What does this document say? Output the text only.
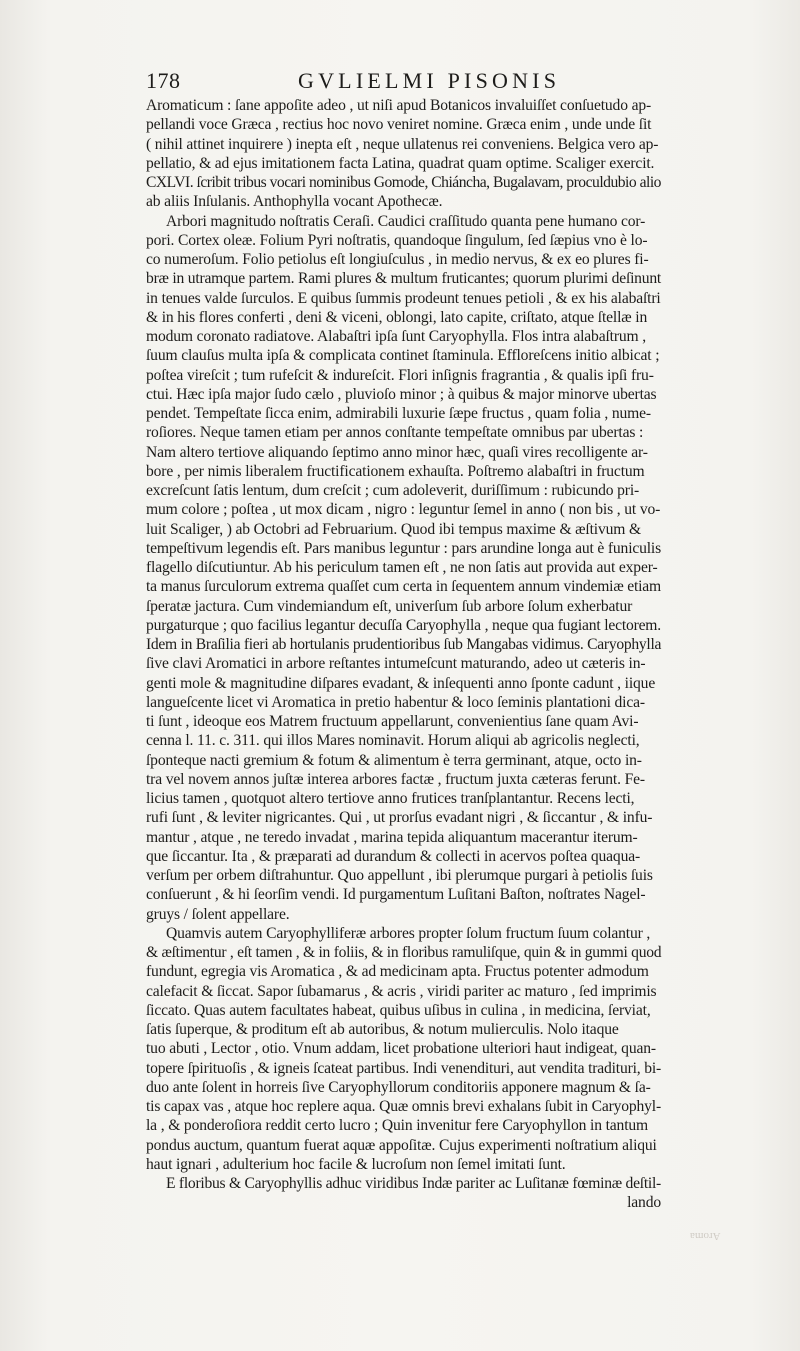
178	GVLIELMI PISONIS
Aromaticum : ſane appoſite adeo , ut niſi apud Botanicos invaluiſſet conſuetudo ap-
pellandi voce Græca , rectius hoc novo veniret nomine. Græca enim , unde unde ſit
( nihil attinet inquirere ) inepta eſt , neque ullatenus rei conveniens. Belgica vero ap-
pellatio, & ad ejus imitationem facta Latina, quadrat quam optime. Scaliger exercit.
CXLVI. ſcribit tribus vocari nominibus Gomode, Chiáncha, Bugalavam, proculdubio alio
ab aliis Inſulanis. Anthophylla vocant Apothecæ.
Arbori magnitudo noſtratis Ceraſi. Caudici craſſitudo quanta pene humano cor-
pori. Cortex oleæ. Folium Pyri noſtratis, quandoque ſingulum, ſed ſæpius vno è lo-
co numeroſum. Folio petiolus eſt longiuſculus , in medio nervus, & ex eo plures fi-
bræ in utramque partem. Rami plures & multum fruticantes; quorum plurimi deſinunt
in tenues valde ſurculos. E quibus ſummis prodeunt tenues petioli , & ex his alabaſtri
& in his flores conferti , deni & viceni, oblongi, lato capite, criſtato, atque ſtellæ in
modum coronato radiatove. Alabaſtri ipſa ſunt Caryophylla. Flos intra alabaſtrum ,
ſuum clauſus multa ipſa & complicata continet ſtaminula. Effloreſcens initio albicat ;
poſtea vireſcit ; tum rufeſcit & indureſcit. Flori inſignis fragrantia , & qualis ipſi fru-
ctui. Hæc ipſa major ſudo cælo , pluvioſo minor ; à quibus & major minorve ubertas
pendet. Tempeſtate ſicca enim, admirabili luxurie ſæpe fructus , quam folia , nume-
roſiores. Neque tamen etiam per annos conſtante tempeſtate omnibus par ubertas :
Nam altero tertiove aliquando ſeptimo anno minor hæc, quaſi vires recolligente ar-
bore , per nimis liberalem fructificationem exhauſta. Poſtremo alabaſtri in fructum
excreſcunt ſatis lentum, dum creſcit ; cum adoleverit, duriſſimum : rubicundo pri-
mum colore ; poſtea , ut mox dicam , nigro : leguntur ſemel in anno ( non bis , ut vo-
luit Scaliger, ) ab Octobri ad Februarium. Quod ibi tempus maxime & æſtivum &
tempeſtivum legendis eſt. Pars manibus leguntur : pars arundine longa aut è funiculis
flagello diſcutiuntur. Ab his periculum tamen eſt , ne non ſatis aut provida aut exper-
ta manus ſurculorum extrema quaſſet cum certa in ſequentem annum vindemiæ etiam
ſperatæ jactura. Cum vindemiandum eſt, univerſum ſub arbore ſolum exherbatur
purgaturque ; quo facilius legantur decuſſa Caryophylla , neque qua fugiant lectorem.
Idem in Braſilia fieri ab hortulanis prudentioribus ſub Mangabas vidimus. Caryophylla
ſive clavi Aromatici in arbore reſtantes intumeſcunt maturando, adeo ut cæteris in-
genti mole & magnitudine diſpares evadant, & inſequenti anno ſponte cadunt , iique
langueſcente licet vi Aromatica in pretio habentur & loco ſeminis plantationi dica-
ti ſunt , ideoque eos Matrem fructuum appellarunt, convenientius ſane quam Avi-
cenna l. 11. c. 311. qui illos Mares nominavit. Horum aliqui ab agricolis neglecti,
ſponteque nacti gremium & fotum & alimentum è terra germinant, atque, octo in-
tra vel novem annos juſtæ interea arbores factæ , fructum juxta cæteras ferunt. Fe-
licius tamen , quotquot altero tertiove anno frutices tranſplantantur. Recens lecti,
rufi ſunt , & leviter nigricantes. Qui , ut prorſus evadant nigri , & ſiccantur , & infu-
mantur , atque , ne teredo invadat , marina tepida aliquantum macerantur iterum-
que ſiccantur. Ita , & præparati ad durandum & collecti in acervos poſtea quaqua-
verſum per orbem diſtrahuntur. Quo appellunt , ibi plerumque purgari à petiolis ſuis
conſuerunt , & hi ſeorſim vendi. Id purgamentum Luſitani Baſton, noſtrates Nagel-
gruys / ſolent appellare.
Quamvis autem Caryophylliferæ arbores propter ſolum fructum ſuum colantur ,
& æſtimentur , eſt tamen , & in foliis, & in floribus ramuliſque, quin & in gummi quod
fundunt, egregia vis Aromatica , & ad medicinam apta. Fructus potenter admodum
calefacit & ſiccat. Sapor ſubamarus , & acris , viridi pariter ac maturo , ſed imprimis
ſiccato. Quas autem facultates habeat, quibus uſibus in culina , in medicina, ſerviat,
ſatis ſuperque, & proditum eſt ab autoribus, & notum mulierculis. Nolo itaque
tuo abuti , Lector , otio. Vnum addam, licet probatione ulteriori haut indigeat, quan-
topere ſpirituoſis , & igneis ſcateat partibus. Indi venendituri, aut vendita tradituri, bi-
duo ante ſolent in horreis ſive Caryophyllorum conditoriis apponere magnum & ſa-
tis capax vas , atque hoc replere aqua. Quæ omnis brevi exhalans ſubit in Caryophyl-
la , & ponderoſiora reddit certo lucro ; Quin invenitur fere Caryophyllon in tantum
pondus auctum, quantum fuerat aquæ appoſitæ. Cujus experimenti noſtratium aliqui
haut ignari , adulterium hoc facile & lucroſum non ſemel imitati ſunt.
E floribus & Caryophyllis adhuc viridibus Indæ pariter ac Luſitanæ fœminæ deſtil-
lando
Aroma
